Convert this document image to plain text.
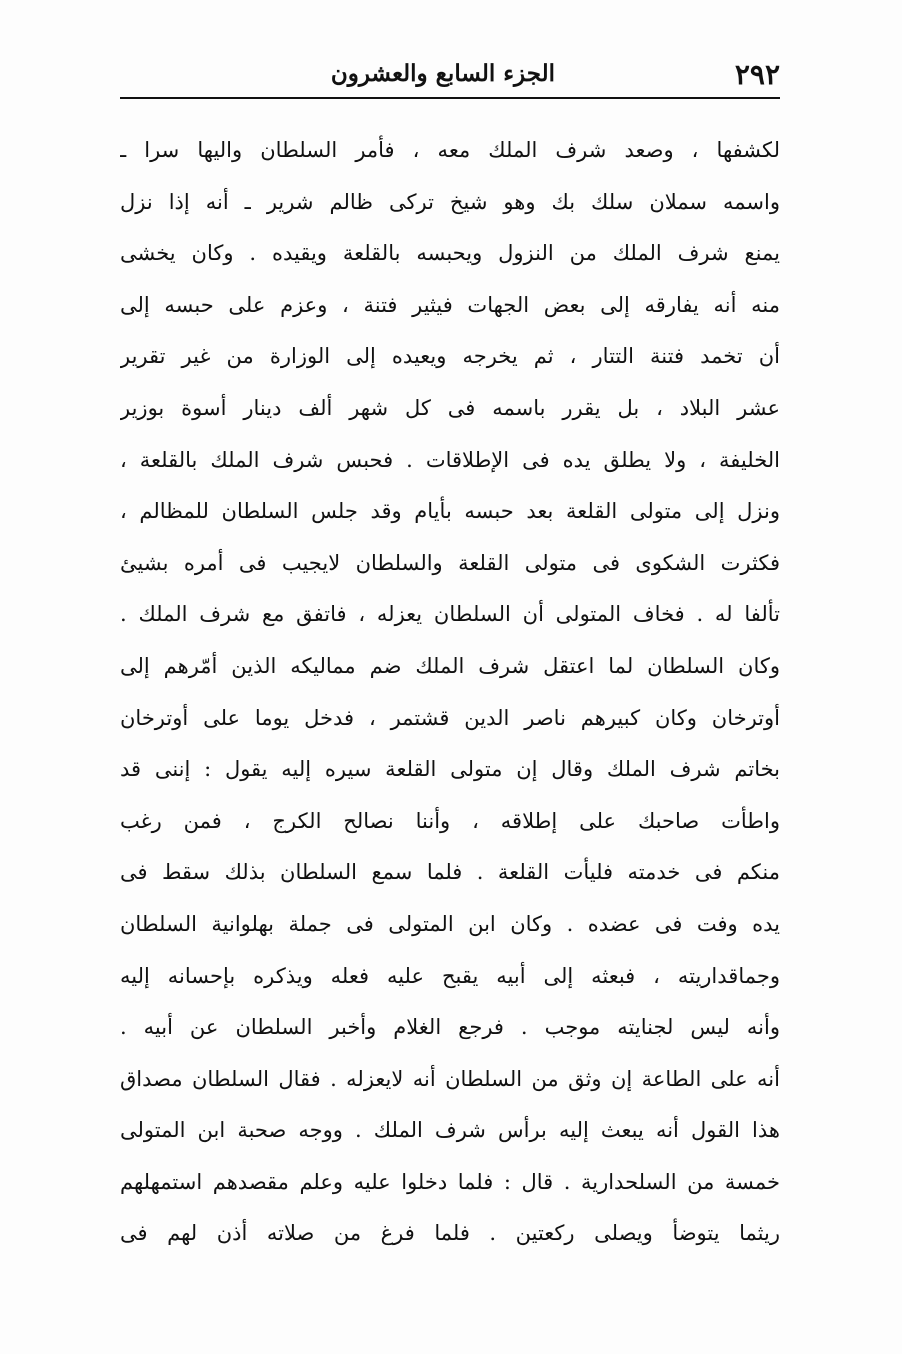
٢٩٢
الجزء السابع والعشرون
لكشفها ، وصعد شرف الملك معه ، فأمر السلطان واليها سرا ـ
واسمه سملان سلك بك وهو شيخ تركى ظالم شرير ـ أنه إذا نزل
يمنع شرف الملك من النزول ويحبسه بالقلعة ويقيده . وكان يخشى
منه أنه يفارقه إلى بعض الجهات فيثير فتنة ، وعزم على حبسه إلى
أن تخمد فتنة التتار ، ثم يخرجه ويعيده إلى الوزارة من غير تقرير
عشر البلاد ، بل يقرر باسمه فى كل شهر ألف دينار أسوة بوزير
الخليفة ، ولا يطلق يده فى الإطلاقات . فحبس شرف الملك بالقلعة ،
ونزل إلى متولى القلعة بعد حبسه بأيام وقد جلس السلطان للمظالم ،
فكثرت الشكوى فى متولى القلعة والسلطان لايجيب فى أمره بشيئ
تألفا له . فخاف المتولى أن السلطان يعزله ، فاتفق مع شرف الملك .
وكان السلطان لما اعتقل شرف الملك ضم مماليكه الذين أمّرهم إلى
أوترخان وكان كبيرهم ناصر الدين قشتمر ، فدخل يوما على أوترخان
بخاتم شرف الملك وقال إن متولى القلعة سيره إليه يقول : إننى قد
واطأت صاحبك على إطلاقه ، وأننا نصالح الكرج ، فمن رغب
منكم فى خدمته فليأت القلعة . فلما سمع السلطان بذلك سقط فى
يده وفت فى عضده . وكان ابن المتولى فى جملة بهلوانية السلطان
وجماقداريته ، فبعثه إلى أبيه يقبح عليه فعله ويذكره بإحسانه إليه
وأنه ليس لجنايته موجب . فرجع الغلام وأخبر السلطان عن أبيه .
أنه على الطاعة إن وثق من السلطان أنه لايعزله . فقال السلطان مصداق
هذا القول أنه يبعث إليه برأس شرف الملك . ووجه صحبة ابن المتولى
خمسة من السلحدارية . قال : فلما دخلوا عليه وعلم مقصدهم استمهلهم
ريثما يتوضأ ويصلى ركعتين . فلما فرغ من صلاته أذن لهم فى
